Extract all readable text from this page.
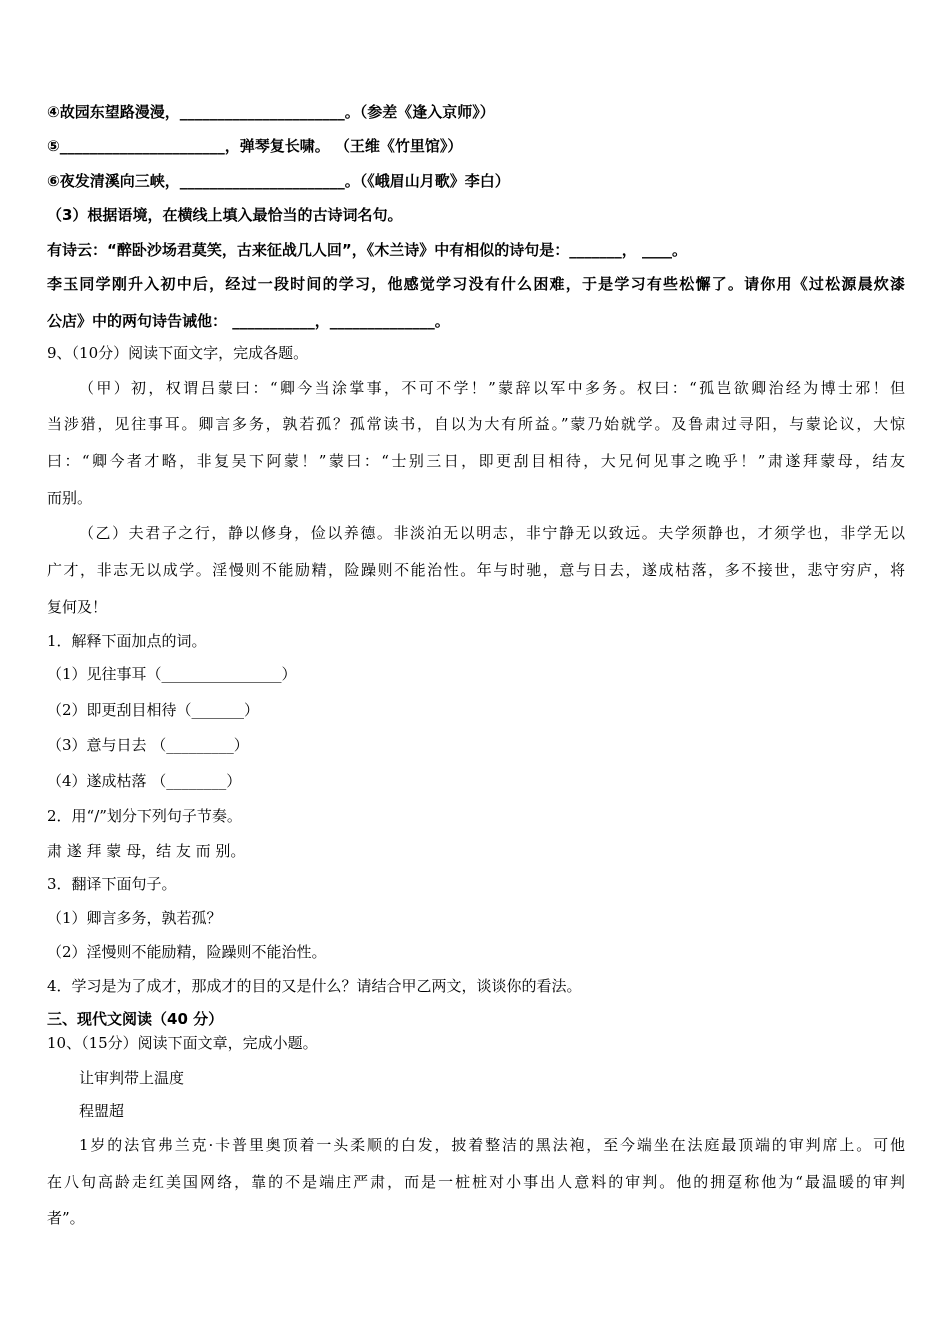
④故园东望路漫漫，______________________。（参差《逢入京师》）
⑤______________________，弹琴复长啸。 （王维《竹里馆》）
⑥夜发清溪向三峡，______________________。（《峨眉山月歌》李白）
（3）根据语境，在横线上填入最恰当的古诗词名句。
有诗云：“醉卧沙场君莫笑，古来征战几人回”，《木兰诗》中有相似的诗句是：_______， ____。
李玉同学刚升入初中后，经过一段时间的学习，他感觉学习没有什么困难，于是学习有些松懈了。请你用《过松源晨炊漆
公店》中的两句诗告诫他： ___________，______________。
9、（10分）阅读下面文字，完成各题。
（甲）初，权谓吕蒙曰：“卿今当涂掌事，不可不学！”蒙辞以军中多务。权曰：“孤岂欲卿治经为博士邪！但
当涉猎，见往事耳。卿言多务，孰若孤？孤常读书，自以为大有所益。”蒙乃始就学。及鲁肃过寻阳，与蒙论议，大惊
曰：“卿今者才略，非复吴下阿蒙！”蒙曰：“士别三日，即更刮目相待，大兄何见事之晚乎！”肃遂拜蒙母，结友
而别。
（乙）夫君子之行，静以修身，俭以养德。非淡泊无以明志，非宁静无以致远。夫学须静也，才须学也，非学无以
广才，非志无以成学。淫慢则不能励精，险躁则不能治性。年与时驰，意与日去，遂成枯落，多不接世，悲守穷庐，将
复何及！
1．解释下面加点的词。
（1）见往事耳（________________）
（2）即更刮目相待（_______）
（3）意与日去 （_________）
（4）遂成枯落 （________）
2．用“/”划分下列句子节奏。
肃 遂 拜 蒙 母，结 友 而 别。
3．翻译下面句子。
（1）卿言多务，孰若孤？
（2）淫慢则不能励精，险躁则不能治性。
4．学习是为了成才，那成才的目的又是什么？请结合甲乙两文，谈谈你的看法。
三、现代文阅读（40 分）
10、（15分）阅读下面文章，完成小题。
让审判带上温度
程盟超
1岁的法官弗兰克·卡普里奥顶着一头柔顺的白发，披着整洁的黑法袍，至今端坐在法庭最顶端的审判席上。可他
在八旬高龄走红美国网络，靠的不是端庄严肃，而是一桩桩对小事出人意料的审判。他的拥趸称他为“最温暖的审判
者”。
